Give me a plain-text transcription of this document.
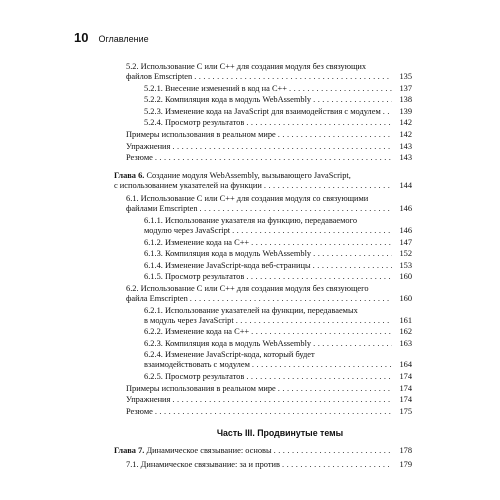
10 Оглавление
5.2. Использование C или C++ для создания модуля без связующих
файлов Emscripten . . .	135
5.2.1. Внесение изменений в код на C++ . . .	137
5.2.2. Компиляция кода в модуль WebAssembly . . .	138
5.2.3. Изменение кода на JavaScript для взаимодействия с модулем . . .	139
5.2.4. Просмотр результатов . . .	142
Примеры использования в реальном мире . . .	142
Упражнения . . .	143
Резюме . . .	143
Глава 6. Создание модуля WebAssembly, вызывающего JavaScript,
с использованием указателей на функции . . .	144
6.1. Использование C или C++ для создания модуля со связующими
файлами Emscripten . . .	146
6.1.1. Использование указателя на функцию, передаваемого
модулю через JavaScript . . .	146
6.1.2. Изменение кода на C++ . . .	147
6.1.3. Компиляция кода в модуль WebAssembly . . .	152
6.1.4. Изменение JavaScript-кода веб-страницы . . .	153
6.1.5. Просмотр результатов . . .	160
6.2. Использование C или C++ для создания модуля без связующего
файла Emscripten . . .	160
6.2.1. Использование указателей на функции, передаваемых
в модуль через JavaScript . . .	161
6.2.2. Изменение кода на C++ . . .	162
6.2.3. Компиляция кода в модуль WebAssembly . . .	163
6.2.4. Изменение JavaScript-кода, который будет
взаимодействовать с модулем . . .	164
6.2.5. Просмотр результатов . . .	174
Примеры использования в реальном мире . . .	174
Упражнения . . .	174
Резюме . . .	175
Глава 7. Динамическое связывание: основы . . .	178
7.1. Динамическое связывание: за и против . . .	179
Часть III. Продвинутые темы
